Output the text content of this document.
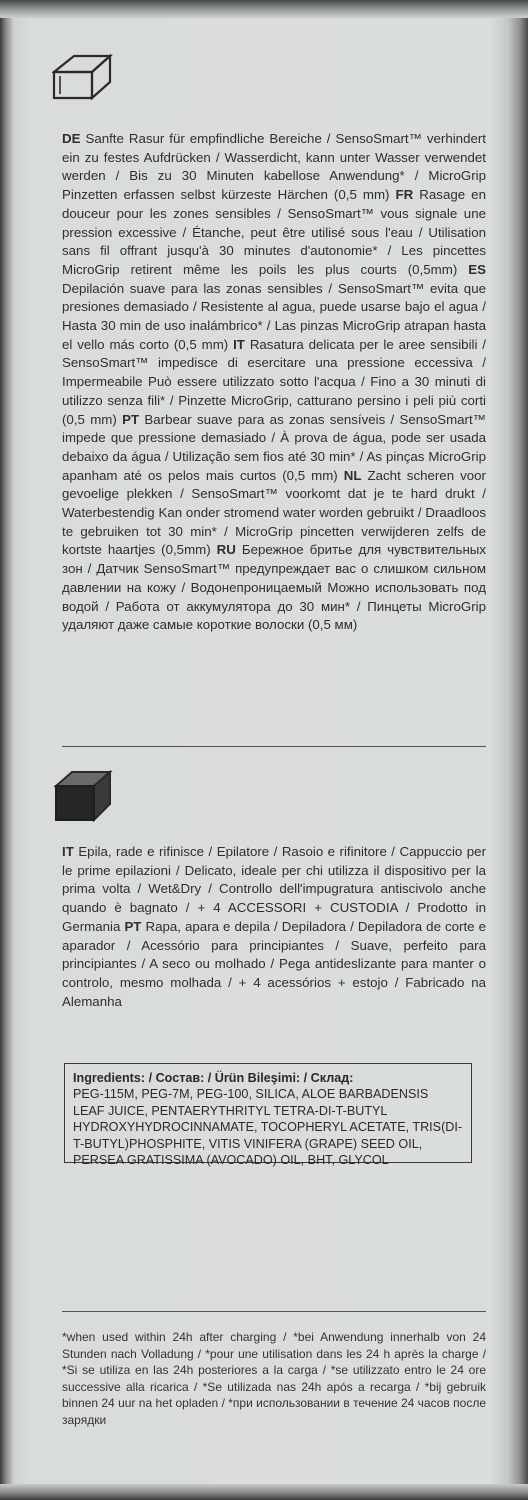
DE Sanfte Rasur für empfindliche Bereiche / SensoSmart™ verhindert ein zu festes Aufdrücken / Wasserdicht, kann unter Wasser verwendet werden / Bis zu 30 Minuten kabellose Anwendung* / MicroGrip Pinzetten erfassen selbst kürzeste Härchen (0,5 mm) FR Rasage en douceur pour les zones sensibles / SensoSmart™ vous signale une pression excessive / Étanche, peut être utilisé sous l'eau / Utilisation sans fil offrant jusqu'à 30 minutes d'autonomie* / Les pincettes MicroGrip retirent même les poils les plus courts (0,5mm) ES Depilación suave para las zonas sensibles / SensoSmart™ evita que presiones demasiado / Resistente al agua, puede usarse bajo el agua / Hasta 30 min de uso inalámbrico* / Las pinzas MicroGrip atrapan hasta el vello más corto (0,5 mm) IT Rasatura delicata per le aree sensibili / SensoSmart™ impedisce di esercitare una pressione eccessiva / Impermeabile Può essere utilizzato sotto l'acqua / Fino a 30 minuti di utilizzo senza fili* / Pinzette MicroGrip, catturano persino i peli più corti (0,5 mm) PT Barbear suave para as zonas sensíveis / SensoSmart™ impede que pressione demasiado / À prova de água, pode ser usada debaixo da água / Utilização sem fios até 30 min* / As pinças MicroGrip apanham até os pelos mais curtos (0,5 mm) NL Zacht scheren voor gevoelige plekken / SensoSmart™ voorkomt dat je te hard drukt / Waterbestendig Kan onder stromend water worden gebruikt / Draadloos te gebruiken tot 30 min* / MicroGrip pincetten verwijderen zelfs de kortste haartjes (0,5mm) RU Бережное бритье для чувствительных зон / Датчик SensoSmart™ предупреждает вас о слишком сильном давлении на кожу / Водонепроницаемый Можно использовать под водой / Работа от аккумулятора до 30 мин* / Пинцеты MicroGrip удаляют даже самые короткие волоски (0,5 мм)
IT Epila, rade e rifinisce / Epilatore / Rasoio e rifinitore / Cappuccio per le prime epilazioni / Delicato, ideale per chi utilizza il dispositivo per la prima volta / Wet&Dry / Controllo dell'impugratura antiscivolo anche quando è bagnato / + 4 ACCESSORI + CUSTODIA / Prodotto in Germania PT Rapa, apara e depila / Depiladora / Depiladora de corte e aparador / Acessório para principiantes / Suave, perfeito para principiantes / A seco ou molhado / Pega antideslizante para manter o controlo, mesmo molhada / + 4 acessórios + estojo / Fabricado na Alemanha
Ingredients: / Состав: / Ürün Bileşimi: / Склад:
PEG-115M, PEG-7M, PEG-100, SILICA, ALOE BARBADENSIS LEAF JUICE, PENTAERYTHRITYL TETRA-DI-T-BUTYL HYDROXYHYDROCINNAMATE, TOCOPHERYL ACETATE, TRIS(DI-T-BUTYL)PHOSPHITE, VITIS VINIFERA (GRAPE) SEED OIL, PERSEA GRATISSIMA (AVOCADO) OIL, BHT, GLYCOL
*when used within 24h after charging / *bei Anwendung innerhalb von 24 Stunden nach Volladung / *pour une utilisation dans les 24 h après la charge / *Si se utiliza en las 24h posteriores a la carga / *se utilizzato entro le 24 ore successive alla ricarica / *Se utilizada nas 24h após a recarga / *bij gebruik binnen 24 uur na het opladen / *при использовании в течение 24 часов после зарядки
